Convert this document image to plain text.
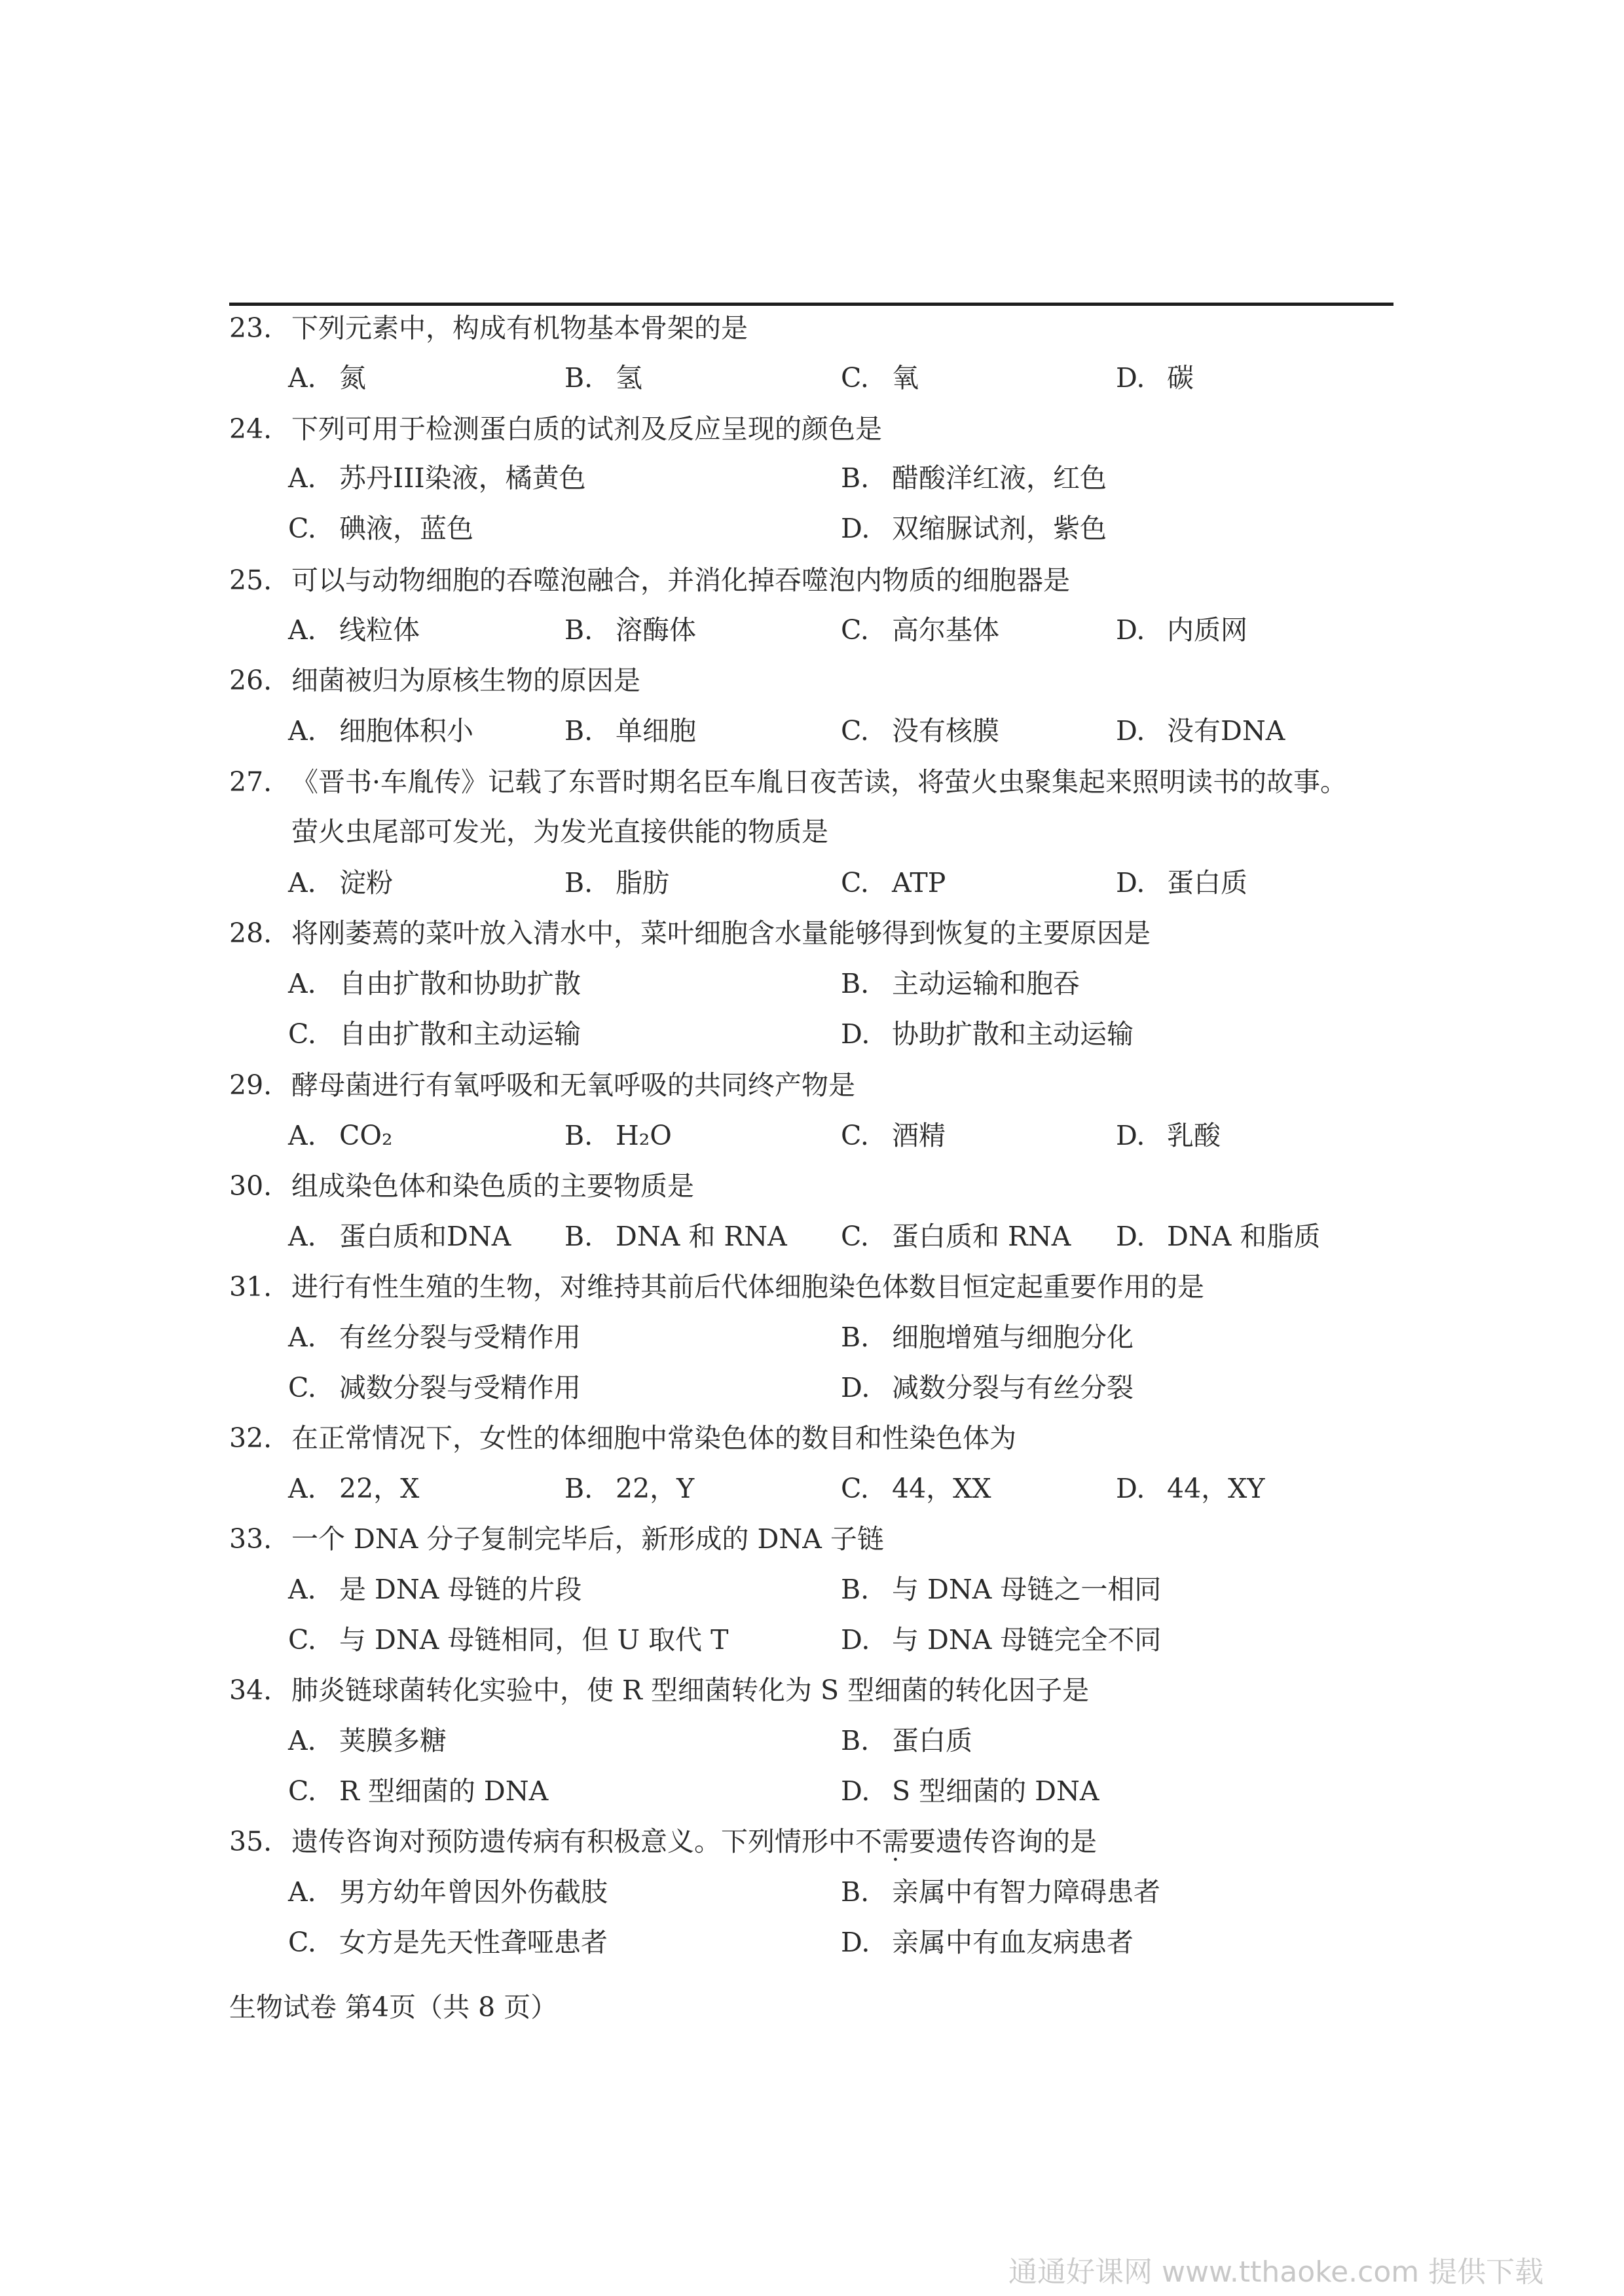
23. 下列元素中，构成有机物基本骨架的是
A. 氮	B. 氢	C. 氧	D. 碳
24. 下列可用于检测蛋白质的试剂及反应呈现的颜色是
A. 苏丹III染液，橘黄色	B. 醋酸洋红液，红色
C. 碘液，蓝色	D. 双缩脲试剂，紫色
25. 可以与动物细胞的吞噬泡融合，并消化掉吞噬泡内物质的细胞器是
A. 线粒体	B. 溶酶体	C. 高尔基体	D. 内质网
26. 细菌被归为原核生物的原因是
A. 细胞体积小	B. 单细胞	C. 没有核膜	D. 没有DNA
27. 《晋书·车胤传》记载了东晋时期名臣车胤日夜苦读，将萤火虫聚集起来照明读书的故事。
萤火虫尾部可发光，为发光直接供能的物质是
A. 淀粉	B. 脂肪	C. ATP	D. 蛋白质
28. 将刚萎蔫的菜叶放入清水中，菜叶细胞含水量能够得到恢复的主要原因是
A. 自由扩散和协助扩散	B. 主动运输和胞吞
C. 自由扩散和主动运输	D. 协助扩散和主动运输
29. 酵母菌进行有氧呼吸和无氧呼吸的共同终产物是
A. CO₂	B. H₂O	C. 酒精	D. 乳酸
30. 组成染色体和染色质的主要物质是
A. 蛋白质和DNA B. DNA 和 RNA C. 蛋白质和 RNA D. DNA 和脂质
31. 进行有性生殖的生物，对维持其前后代体细胞染色体数目恒定起重要作用的是
A. 有丝分裂与受精作用	B. 细胞增殖与细胞分化
C. 减数分裂与受精作用	D. 减数分裂与有丝分裂
32. 在正常情况下，女性的体细胞中常染色体的数目和性染色体为
A. 22，X	B. 22，Y	C. 44，XX	D. 44，XY
33. 一个 DNA 分子复制完毕后，新形成的 DNA 子链
A. 是 DNA 母链的片段	B. 与 DNA 母链之一相同
C. 与 DNA 母链相同，但 U 取代 T	D. 与 DNA 母链完全不同
34. 肺炎链球菌转化实验中，使 R 型细菌转化为 S 型细菌的转化因子是
A. 荚膜多糖	B. 蛋白质
C. R 型细菌的 DNA	D. S 型细菌的 DNA
35. 遗传咨询对预防遗传病有积极意义。下列情形中不需要遗传咨询的是
A. 男方幼年曾因外伤截肢	B. 亲属中有智力障碍患者
C. 女方是先天性聋哑患者	D. 亲属中有血友病患者
生物试卷 第4页（共 8 页）
通通好课网 www.tthaoke.com 提供下载
